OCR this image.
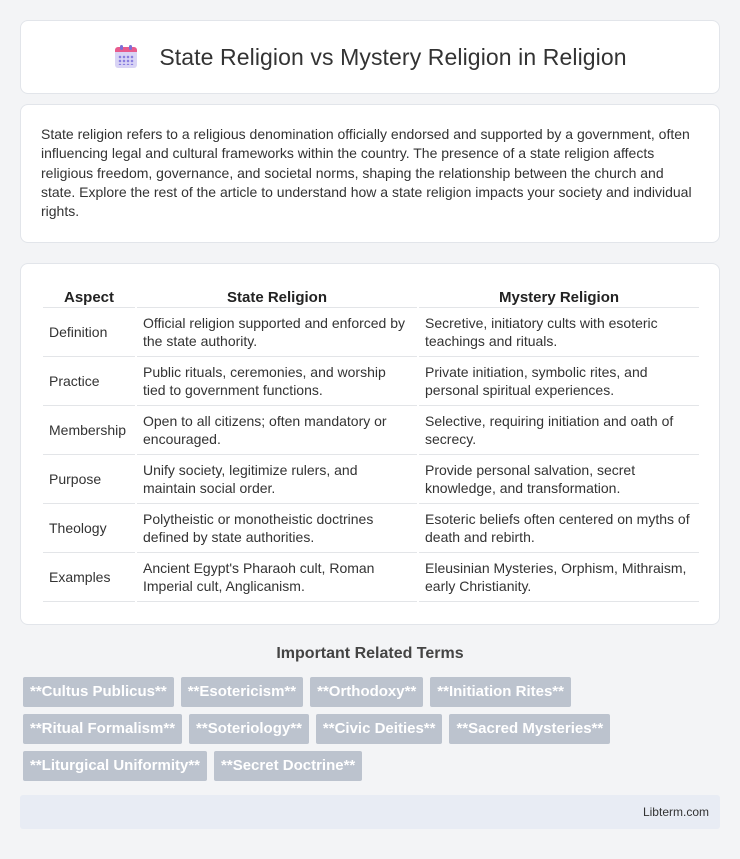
State Religion vs Mystery Religion in Religion

State religion refers to a religious denomination officially endorsed and supported by a government, often influencing legal and cultural frameworks within the country. The presence of a state religion affects religious freedom, governance, and societal norms, shaping the relationship between the church and state. Explore the rest of the article to understand how a state religion impacts your society and individual rights.

Aspect	State Religion	Mystery Religion
Definition	Official religion supported and enforced by the state authority.	Secretive, initiatory cults with esoteric teachings and rituals.
Practice	Public rituals, ceremonies, and worship tied to government functions.	Private initiation, symbolic rites, and personal spiritual experiences.
Membership	Open to all citizens; often mandatory or encouraged.	Selective, requiring initiation and oath of secrecy.
Purpose	Unify society, legitimize rulers, and maintain social order.	Provide personal salvation, secret knowledge, and transformation.
Theology	Polytheistic or monotheistic doctrines defined by state authorities.	Esoteric beliefs often centered on myths of death and rebirth.
Examples	Ancient Egypt's Pharaoh cult, Roman Imperial cult, Anglicanism.	Eleusinian Mysteries, Orphism, Mithraism, early Christianity.
Important Related Terms
**Cultus Publicus**	**Esotericism**	**Orthodoxy**	**Initiation Rites**
**Ritual Formalism**	**Soteriology**	**Civic Deities**	**Sacred Mysteries**
**Liturgical Uniformity**	**Secret Doctrine**
Libterm.com
